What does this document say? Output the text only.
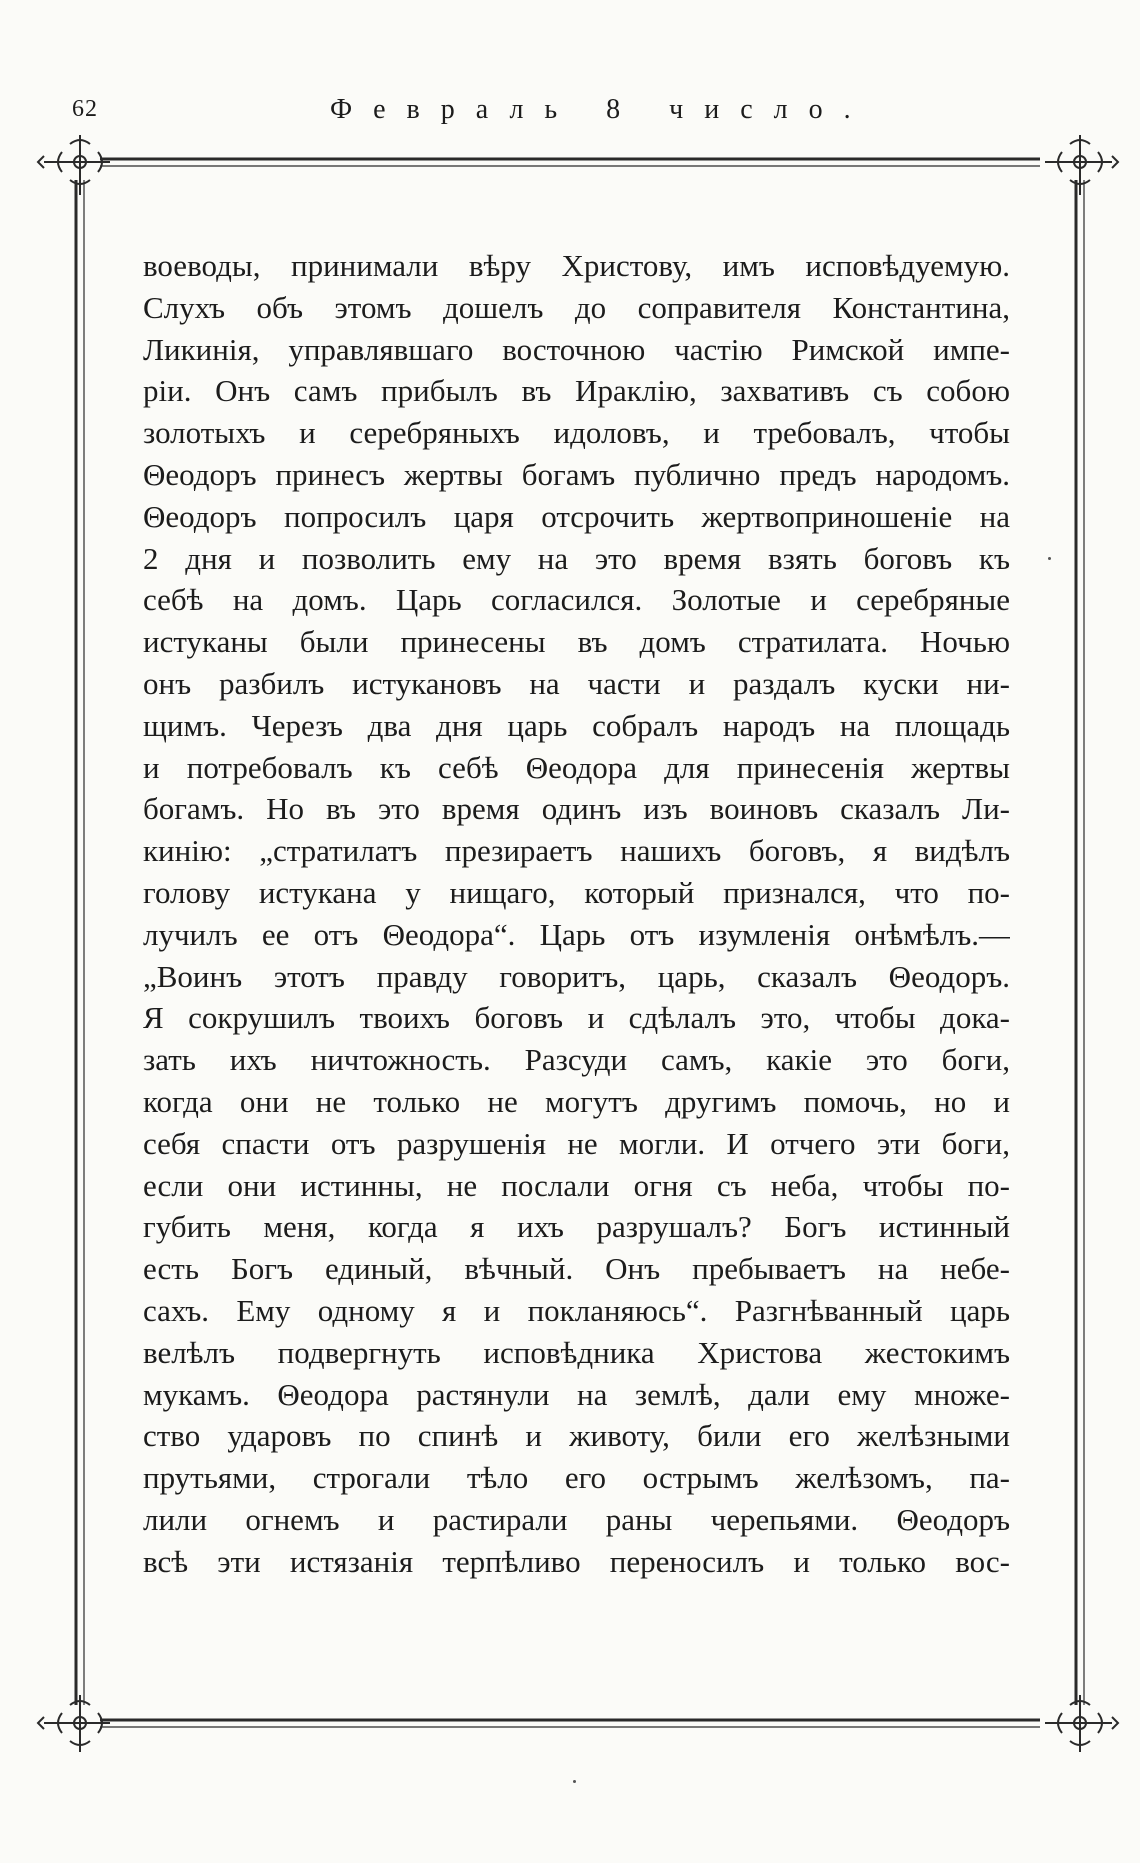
62	Февраль 8 число.
воеводы, принимали вѣру Христову, имъ исповѣдуемую.
Слухъ объ этомъ дошелъ до соправителя Константина,
Ликинія, управлявшаго восточною частію Римской импе-
ріи. Онъ самъ прибылъ въ Ираклію, захвативъ съ собою
золотыхъ и серебряныхъ идоловъ, и требовалъ, чтобы
Θеодоръ принесъ жертвы богамъ публично предъ народомъ.
Θеодоръ попросилъ царя отсрочить жертвоприношеніе на
2 дня и позволить ему на это время взять боговъ къ
себѣ на домъ. Царь согласился. Золотые и серебряные
истуканы были принесены въ домъ стратилата. Ночью
онъ разбилъ истукановъ на части и раздалъ куски ни-
щимъ. Черезъ два дня царь собралъ народъ на площадь
и потребовалъ къ себѣ Θеодора для принесенія жертвы
богамъ. Но въ это время одинъ изъ воиновъ сказалъ Ли-
кинію: „стратилатъ презираетъ нашихъ боговъ, я видѣлъ
голову истукана у нищаго, который признался, что по-
лучилъ ее отъ Θеодора“. Царь отъ изумленія онѣмѣлъ.—
„Воинъ этотъ правду говоритъ, царь, сказалъ Θеодоръ.
Я сокрушилъ твоихъ боговъ и сдѣлалъ это, чтобы дока-
зать ихъ ничтожность. Разсуди самъ, какіе это боги,
когда они не только не могутъ другимъ помочь, но и
себя спасти отъ разрушенія не могли. И отчего эти боги,
если они истинны, не послали огня съ неба, чтобы по-
губить меня, когда я ихъ разрушалъ? Богъ истинный
есть Богъ единый, вѣчный. Онъ пребываетъ на небе-
сахъ. Ему одному я и покланяюсь“. Разгнѣванный царь
велѣлъ подвергнуть исповѣдника Христова жестокимъ
мукамъ. Θеодора растянули на землѣ, дали ему множе-
ство ударовъ по спинѣ и животу, били его желѣзными
прутьями, строгали тѣло его острымъ желѣзомъ, па-
лили огнемъ и растирали раны черепьями. Θеодоръ
всѣ эти истязанія терпѣливо переносилъ и только вос-
